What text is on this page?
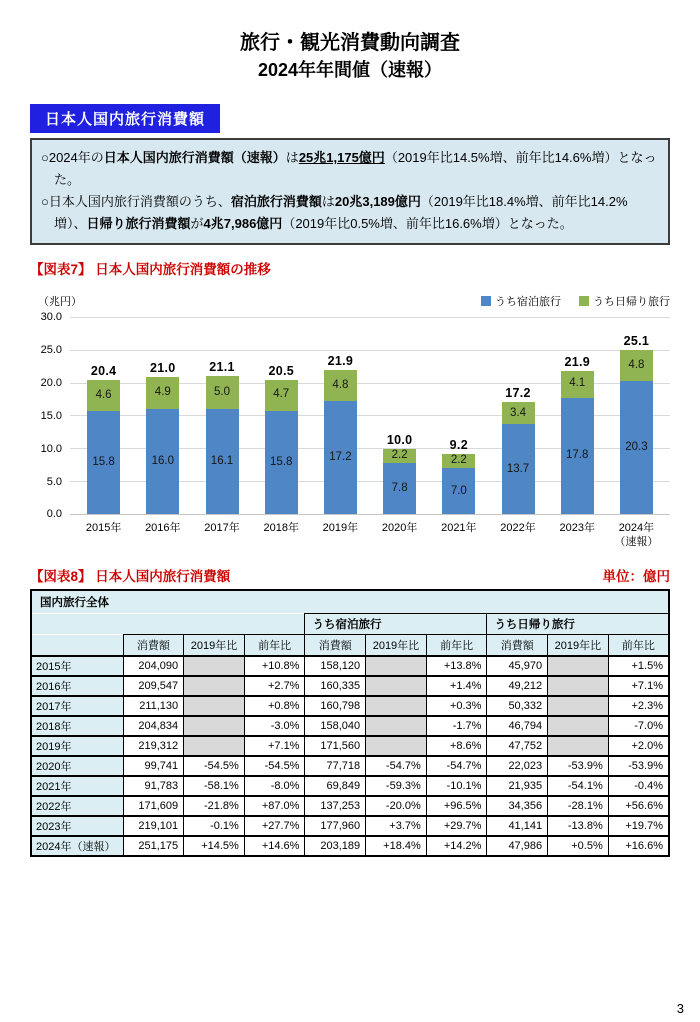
旅行・観光消費動向調査
2024年年間値（速報）
日本人国内旅行消費額
○2024年の日本人国内旅行消費額（速報）は25兆1,175億円（2019年比14.5%増、前年比14.6%増）となった。
○日本人国内旅行消費額のうち、宿泊旅行消費額は20兆3,189億円（2019年比18.4%増、前年比14.2%増）、日帰り旅行消費額が4兆7,986億円（2019年比0.5%増、前年比16.6%増）となった。
【図表7】 日本人国内旅行消費額の推移
（兆円）	うち宿泊旅行	うち日帰り旅行
30.0
25.0
20.0
15.0
10.0
5.0
0.0
20.4
4.6
15.8
21.0
4.9
16.0
21.1
5.0
16.1
20.5
4.7
15.8
21.9
4.8
17.2
10.0
2.2
7.8
9.2
2.2
7.0
17.2
3.4
13.7
21.9
4.1
17.8
25.1
4.8
20.3
2015年	2016年	2017年	2018年	2019年	2020年	2021年	2022年	2023年	2024年
（速報）
【図表8】 日本人国内旅行消費額	単位：億円
国内旅行全体									
				うち宿泊旅行			うち日帰り旅行		
	消費額	2019年比	前年比	消費額	2019年比	前年比	消費額	2019年比	前年比
2015年	204,090		+10.8%	158,120		+13.8%	45,970		+1.5%
2016年	209,547		+2.7%	160,335		+1.4%	49,212		+7.1%
2017年	211,130		+0.8%	160,798		+0.3%	50,332		+2.3%
2018年	204,834		-3.0%	158,040		-1.7%	46,794		-7.0%
2019年	219,312		+7.1%	171,560		+8.6%	47,752		+2.0%
2020年	99,741	-54.5%	-54.5%	77,718	-54.7%	-54.7%	22,023	-53.9%	-53.9%
2021年	91,783	-58.1%	-8.0%	69,849	-59.3%	-10.1%	21,935	-54.1%	-0.4%
2022年	171,609	-21.8%	+87.0%	137,253	-20.0%	+96.5%	34,356	-28.1%	+56.6%
2023年	219,101	-0.1%	+27.7%	177,960	+3.7%	+29.7%	41,141	-13.8%	+19.7%
2024年（速報）	251,175	+14.5%	+14.6%	203,189	+18.4%	+14.2%	47,986	+0.5%	+16.6%
3
